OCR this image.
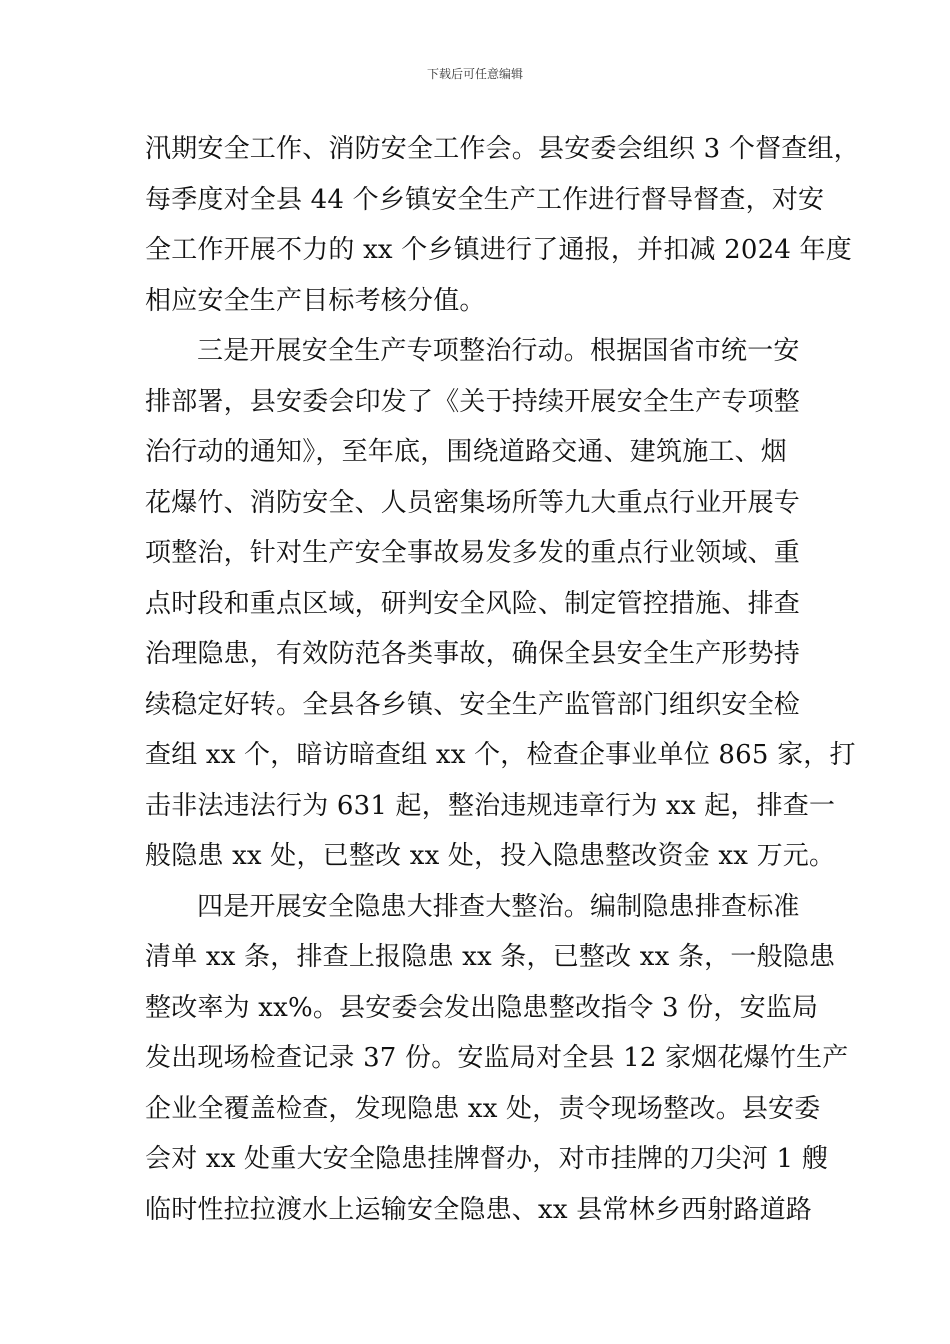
下载后可任意编辑
汛期安全工作、消防安全工作会。县安委会组织 3 个督查组，
每季度对全县 44 个乡镇安全生产工作进行督导督查，对安
全工作开展不力的 xx 个乡镇进行了通报，并扣减 2024 年度
相应安全生产目标考核分值。
三是开展安全生产专项整治行动。根据国省市统一安
排部署，县安委会印发了《关于持续开展安全生产专项整
治行动的通知》，至年底，围绕道路交通、建筑施工、烟
花爆竹、消防安全、人员密集场所等九大重点行业开展专
项整治，针对生产安全事故易发多发的重点行业领域、重
点时段和重点区域，研判安全风险、制定管控措施、排查
治理隐患，有效防范各类事故，确保全县安全生产形势持
续稳定好转。全县各乡镇、安全生产监管部门组织安全检
查组 xx 个，暗访暗查组 xx 个，检查企事业单位 865 家，打
击非法违法行为 631 起，整治违规违章行为 xx 起，排查一
般隐患 xx 处，已整改 xx 处，投入隐患整改资金 xx 万元。
四是开展安全隐患大排查大整治。编制隐患排查标准
清单 xx 条，排查上报隐患 xx 条，已整改 xx 条，一般隐患
整改率为 xx%。县安委会发出隐患整改指令 3 份，安监局
发出现场检查记录 37 份。安监局对全县 12 家烟花爆竹生产
企业全覆盖检查，发现隐患 xx 处，责令现场整改。县安委
会对 xx 处重大安全隐患挂牌督办，对市挂牌的刀尖河 1 艘
临时性拉拉渡水上运输安全隐患、xx 县常林乡西射路道路
